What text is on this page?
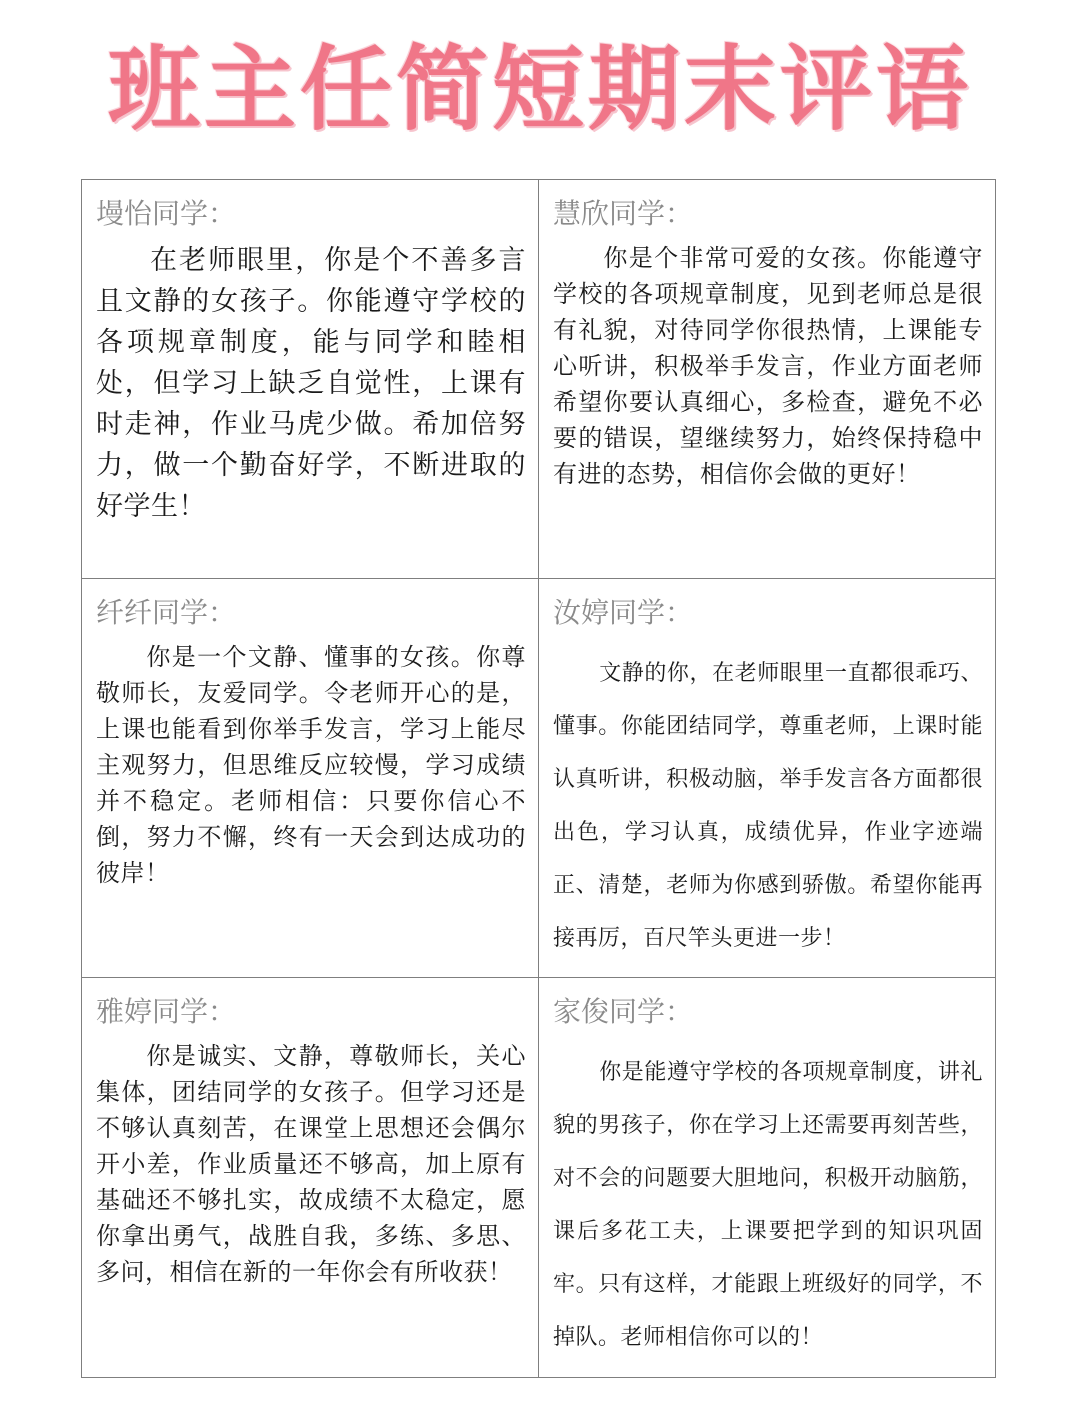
班主任简短期末评语
墁怡同学：

在老师眼里，你是个不善多言且文静的女孩子。你能遵守学校的各项规章制度，能与同学和睦相处，但学习上缺乏自觉性，上课有时走神，作业马虎少做。希加倍努力，做一个勤奋好学，不断进取的好学生！

慧欣同学：

你是个非常可爱的女孩。你能遵守学校的各项规章制度，见到老师总是很有礼貌，对待同学你很热情，上课能专心听讲，积极举手发言，作业方面老师希望你要认真细心，多检查，避免不必要的错误，望继续努力，始终保持稳中有进的态势，相信你会做的更好！

纤纤同学：

你是一个文静、懂事的女孩。你尊敬师长，友爱同学。令老师开心的是，上课也能看到你举手发言，学习上能尽主观努力，但思维反应较慢，学习成绩并不稳定。老师相信：只要你信心不倒，努力不懈，终有一天会到达成功的彼岸！

汝婷同学：

文静的你，在老师眼里一直都很乖巧、懂事。你能团结同学，尊重老师，上课时能认真听讲，积极动脑，举手发言各方面都很出色，学习认真，成绩优异，作业字迹端正、清楚，老师为你感到骄傲。希望你能再接再厉，百尺竿头更进一步！

雅婷同学：

你是诚实、文静，尊敬师长，关心集体，团结同学的女孩子。但学习还是不够认真刻苦，在课堂上思想还会偶尔开小差，作业质量还不够高，加上原有基础还不够扎实，故成绩不太稳定，愿你拿出勇气，战胜自我，多练、多思、多问，相信在新的一年你会有所收获！

家俊同学：

你是能遵守学校的各项规章制度，讲礼貌的男孩子，你在学习上还需要再刻苦些，对不会的问题要大胆地问，积极开动脑筋，课后多花工夫，上课要把学到的知识巩固牢。只有这样，才能跟上班级好的同学，不掉队。老师相信你可以的！
